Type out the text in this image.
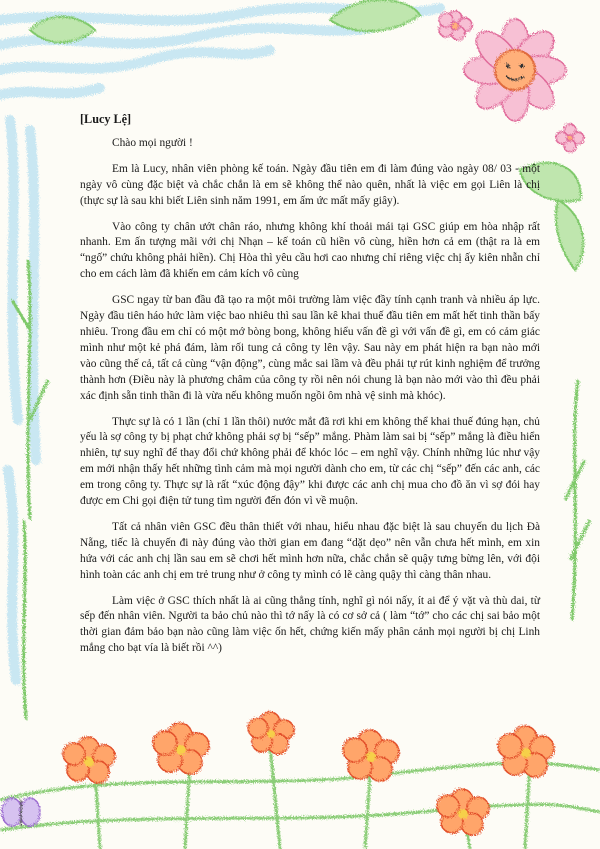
[Lucy Lệ]
Chào mọi người !

Em là Lucy, nhân viên phòng kế toán. Ngày đầu tiên em đi làm đúng vào ngày 08/ 03 - một ngày vô cùng đặc biệt và chắc chắn là em sẽ không thể nào quên, nhất là việc em gọi Liên là chị (thực sự là sau khi biết Liên sinh năm 1991, em ấm ức mất mấy giây).

Vào công ty chân ướt chân ráo, nhưng không khí thoải mái tại GSC giúp em hòa nhập rất nhanh. Em ấn tượng mãi với chị Nhạn – kế toán cũ hiền vô cùng, hiền hơn cả em (thật ra là em “ngố” chứu không phải hiền). Chị Hòa thì yêu cầu hơi cao nhưng chỉ riêng việc chị ấy kiên nhẫn chỉ cho em cách làm đã khiến em cảm kích vô cùng

GSC ngay từ ban đầu đã tạo ra một môi trường làm việc đầy tính cạnh tranh và nhiều áp lực. Ngày đầu tiên háo hức làm việc bao nhiêu thì sau lần kê khai thuế đầu tiên em mất hết tinh thần bấy nhiêu. Trong đầu em chỉ có một mớ bòng bong, không hiểu vấn đề gì với vấn đề gì, em có cảm giác mình như một kẻ phá đám, làm rối tung cả công ty lên vậy. Sau này em phát hiện ra bạn nào mới vào cũng thế cả, tất cả cùng “vận động”, cùng mắc sai lầm và đều phải tự rút kinh nghiệm để trưởng thành hơn (Điều này là phương châm của công ty rồi nên nói chung là bạn nào mới vào thì đều phải xác định sẵn tinh thần đi là vừa nếu không muốn ngồi ôm nhà vệ sinh mà khóc).

Thực sự là có 1 lần (chỉ 1 lần thôi) nước mắt đã rơi khi em không thể khai thuế đúng hạn, chủ yếu là sợ công ty bị phạt chứ không phải sợ bị “sếp” mắng. Phàm làm sai bị “sếp” mắng là điều hiển nhiên, tự suy nghĩ để thay đổi chứ không phải để khóc lóc – em nghĩ vậy. Chính những lúc như vậy em mới nhận thấy hết những tình cảm mà mọi người dành cho em, từ các chị “sếp” đến các anh, các em trong công ty. Thực sự là rất “xúc động đậy” khi được các anh chị mua cho đồ ăn vì sợ đói hay được em Chi gọi điện tử tung tìm người đến đón vì về muộn.

Tất cả nhân viên GSC đều thân thiết với nhau, hiểu nhau đặc biệt là sau chuyến du lịch Đà Nẵng, tiếc là chuyến đi này đúng vào thời gian em đang “dặt dẹo” nên vẫn chưa hết mình, em xin hứa với các anh chị lần sau em sẽ chơi hết mình hơn nữa, chắc chắn sẽ quậy tưng bừng lên, với đội hình toàn các anh chị em trẻ trung như ở công ty mình có lẽ càng quậy thì càng thân nhau.

Làm việc ở GSC thích nhất là ai cũng thẳng tính, nghĩ gì nói nấy, ít ai để ý vặt và thù dai, từ sếp đến nhân viên. Người ta bảo chủ nào thì tớ nấy là có cơ sở cả ( làm “tớ” cho các chị sai bảo một thời gian đảm bảo bạn nào cũng làm việc ốn hết, chứng kiến mấy phân cảnh mọi người bị chị Linh mắng cho bạt vía là biết rồi ^^)
